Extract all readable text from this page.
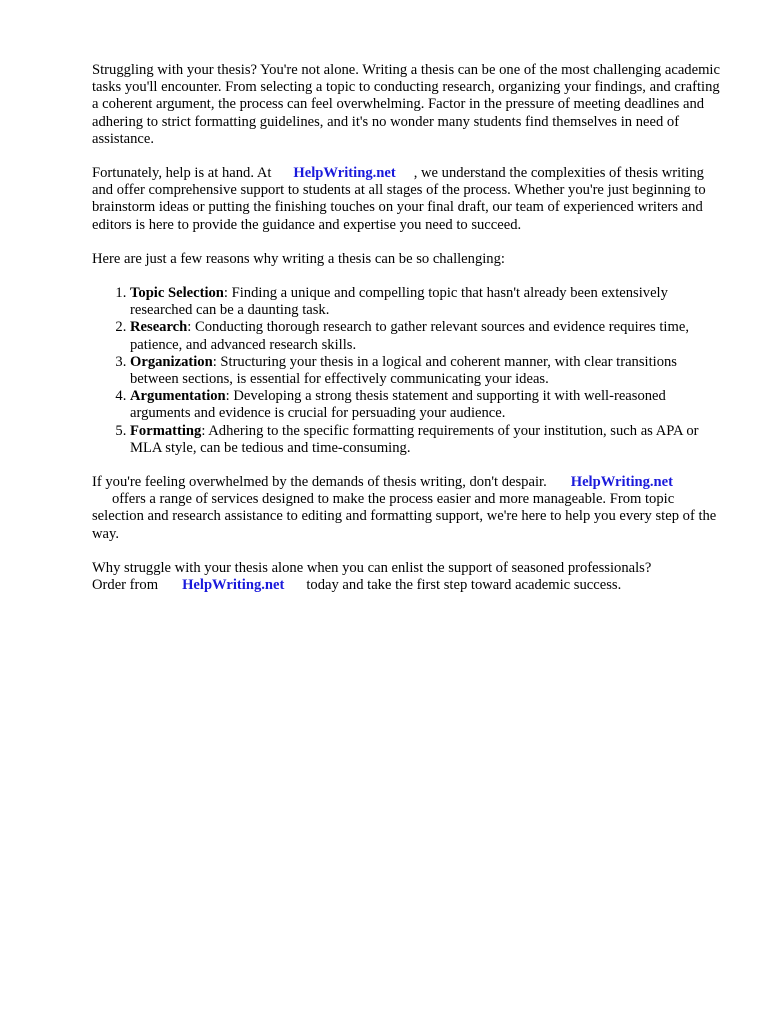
Struggling with your thesis? You're not alone. Writing a thesis can be one of the most challenging academic tasks you'll encounter. From selecting a topic to conducting research, organizing your findings, and crafting a coherent argument, the process can feel overwhelming. Factor in the pressure of meeting deadlines and adhering to strict formatting guidelines, and it's no wonder many students find themselves in need of assistance.

Fortunately, help is at hand. At HelpWriting.net , we understand the complexities of thesis writing and offer comprehensive support to students at all stages of the process. Whether you're just beginning to brainstorm ideas or putting the finishing touches on your final draft, our team of experienced writers and editors is here to provide the guidance and expertise you need to succeed.

Here are just a few reasons why writing a thesis can be so challenging:

1. Topic Selection: Finding a unique and compelling topic that hasn't already been extensively researched can be a daunting task.
2. Research: Conducting thorough research to gather relevant sources and evidence requires time, patience, and advanced research skills.
3. Organization: Structuring your thesis in a logical and coherent manner, with clear transitions between sections, is essential for effectively communicating your ideas.
4. Argumentation: Developing a strong thesis statement and supporting it with well-reasoned arguments and evidence is crucial for persuading your audience.
5. Formatting: Adhering to the specific formatting requirements of your institution, such as APA or MLA style, can be tedious and time-consuming.

If you're feeling overwhelmed by the demands of thesis writing, don't despair. HelpWriting.net
offers a range of services designed to make the process easier and more manageable. From topic selection and research assistance to editing and formatting support, we're here to help you every step of the way.

Why struggle with your thesis alone when you can enlist the support of seasoned professionals?
Order from HelpWriting.net today and take the first step toward academic success.
